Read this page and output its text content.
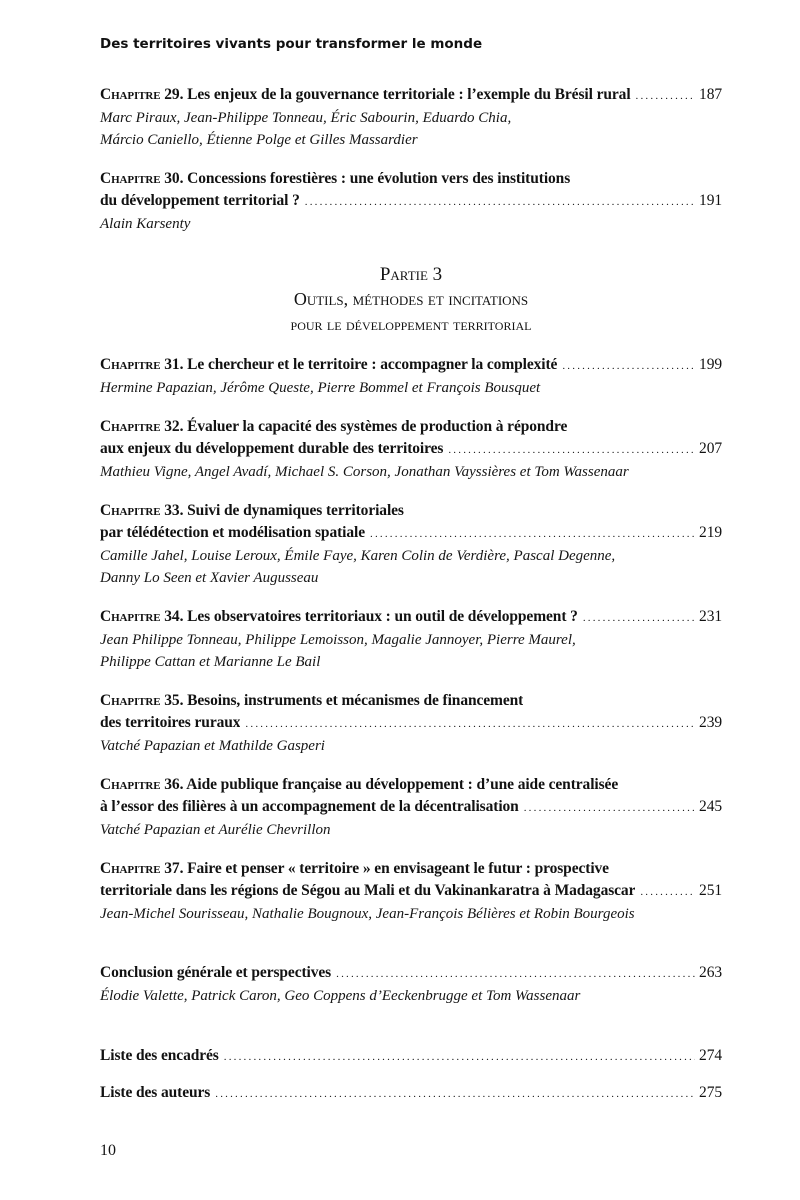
Des territoires vivants pour transformer le monde
Chapitre 29. Les enjeux de la gouvernance territoriale : l’exemple du Brésil rural .....	187
Marc Piraux, Jean-Philippe Tonneau, Éric Sabourin, Eduardo Chia,
Márcio Caniello, Étienne Polge et Gilles Massardier
Chapitre 30. Concessions forestières : une évolution vers des institutions
du développement territorial ? .....	191
Alain Karsenty
Partie 3
Outils, méthodes et incitations
pour le développement territorial
Chapitre 31. Le chercheur et le territoire : accompagner la complexité .....	199
Hermine Papazian, Jérôme Queste, Pierre Bommel et François Bousquet
Chapitre 32. Évaluer la capacité des systèmes de production à répondre
aux enjeux du développement durable des territoires .....	207
Mathieu Vigne, Angel Avadí, Michael S. Corson, Jonathan Vayssières et Tom Wassenaar
Chapitre 33. Suivi de dynamiques territoriales
par télédétection et modélisation spatiale .....	219
Camille Jahel, Louise Leroux, Émile Faye, Karen Colin de Verdière, Pascal Degenne,
Danny Lo Seen et Xavier Augusseau
Chapitre 34. Les observatoires territoriaux : un outil de développement ? .....	231
Jean Philippe Tonneau, Philippe Lemoisson, Magalie Jannoyer, Pierre Maurel,
Philippe Cattan et Marianne Le Bail
Chapitre 35. Besoins, instruments et mécanismes de financement
des territoires ruraux .....	239
Vatché Papazian et Mathilde Gasperi
Chapitre 36. Aide publique française au développement : d’une aide centralisée
à l’essor des filières à un accompagnement de la décentralisation .....	245
Vatché Papazian et Aurélie Chevrillon
Chapitre 37. Faire et penser « territoire » en envisageant le futur : prospective
territoriale dans les régions de Ségou au Mali et du Vakinankaratra à Madagascar .....	251
Jean-Michel Sourisseau, Nathalie Bougnoux, Jean-François Bélières et Robin Bourgeois
Conclusion générale et perspectives .....	263
Élodie Valette, Patrick Caron, Geo Coppens d’Eeckenbrugge et Tom Wassenaar
Liste des encadrés .....	274
Liste des auteurs .....	275
10
